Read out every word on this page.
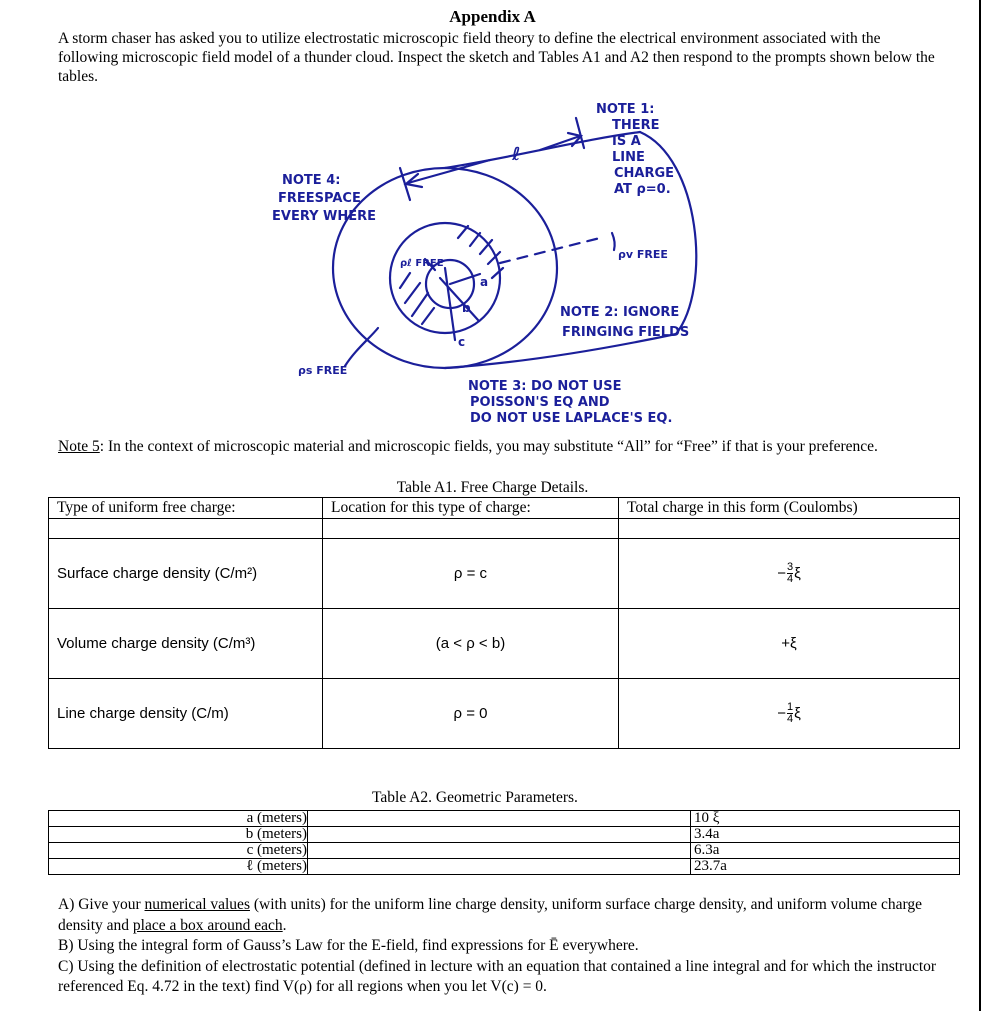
Appendix A
A storm chaser has asked you to utilize electrostatic microscopic field theory to define the electrical environment associated with the following microscopic field model of a thunder cloud. Inspect the sketch and Tables A1 and A2 then respond to the prompts shown below the tables.
NOTE 1:
THERE
IS A
LINE
CHARGE
AT ρ=0.
NOTE 4:
FREESPACE
EVERY WHERE
NOTE 2: IGNORE
FRINGING FIELDS
NOTE 3: DO NOT USE
POISSON'S EQ AND
DO NOT USE LAPLACE'S EQ.
ℓ
ρℓ FREE
ρv FREE
ρs FREE
a
b
c
Note 5: In the context of microscopic material and microscopic fields, you may substitute “All” for “Free” if that is your preference.
Table A1. Free Charge Details.
Type of uniform free charge:	Location for this type of charge:	Total charge in this form (Coulombs)

Surface charge density (C/m²)	ρ = c	− $\frac{3}{4}$ ξ

Volume charge density (C/m³)	(a < ρ < b)	+ ξ

Line charge density (C/m)	ρ = 0	− $\frac{1}{4}$ ξ
Table A2. Geometric Parameters.
a (meters)		10 ξ
b (meters)		3.4a
c (meters)		6.3a
ℓ (meters)		23.7a

A) Give your numerical values (with units) for the uniform line charge density, uniform surface charge density, and uniform volume charge density and place a box around each.

B) Using the integral form of Gauss’s Law for the E-field, find expressions for Ē everywhere.

C) Using the definition of electrostatic potential (defined in lecture with an equation that contained a line integral and for which the instructor referenced Eq. 4.72 in the text) find V(ρ) for all regions when you let V(c) = 0.
